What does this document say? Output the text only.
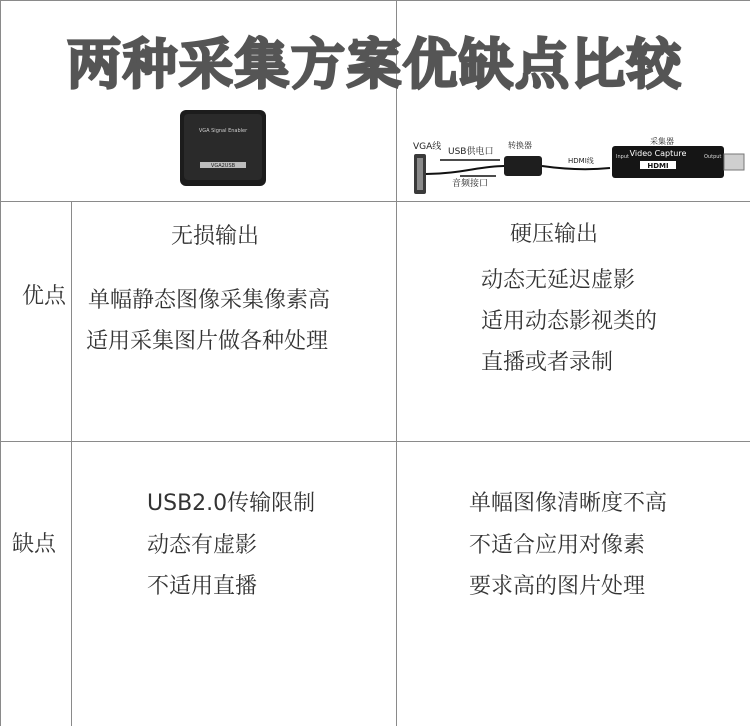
两种采集方案优缺点比较
VGA Signal Enabler
VGA2USB
VGA线 USB供电口
转换器
音频接口
HDMI线
采集器
Video Capture
HDMI
Input	Output
优点
缺点
无损输出
单幅静态图像采集像素高
适用采集图片做各种处理
USB2.0传输限制
动态有虚影
不适用直播
硬压输出
动态无延迟虚影
适用动态影视类的
直播或者录制
单幅图像清晰度不高
不适合应用对像素
要求高的图片处理
